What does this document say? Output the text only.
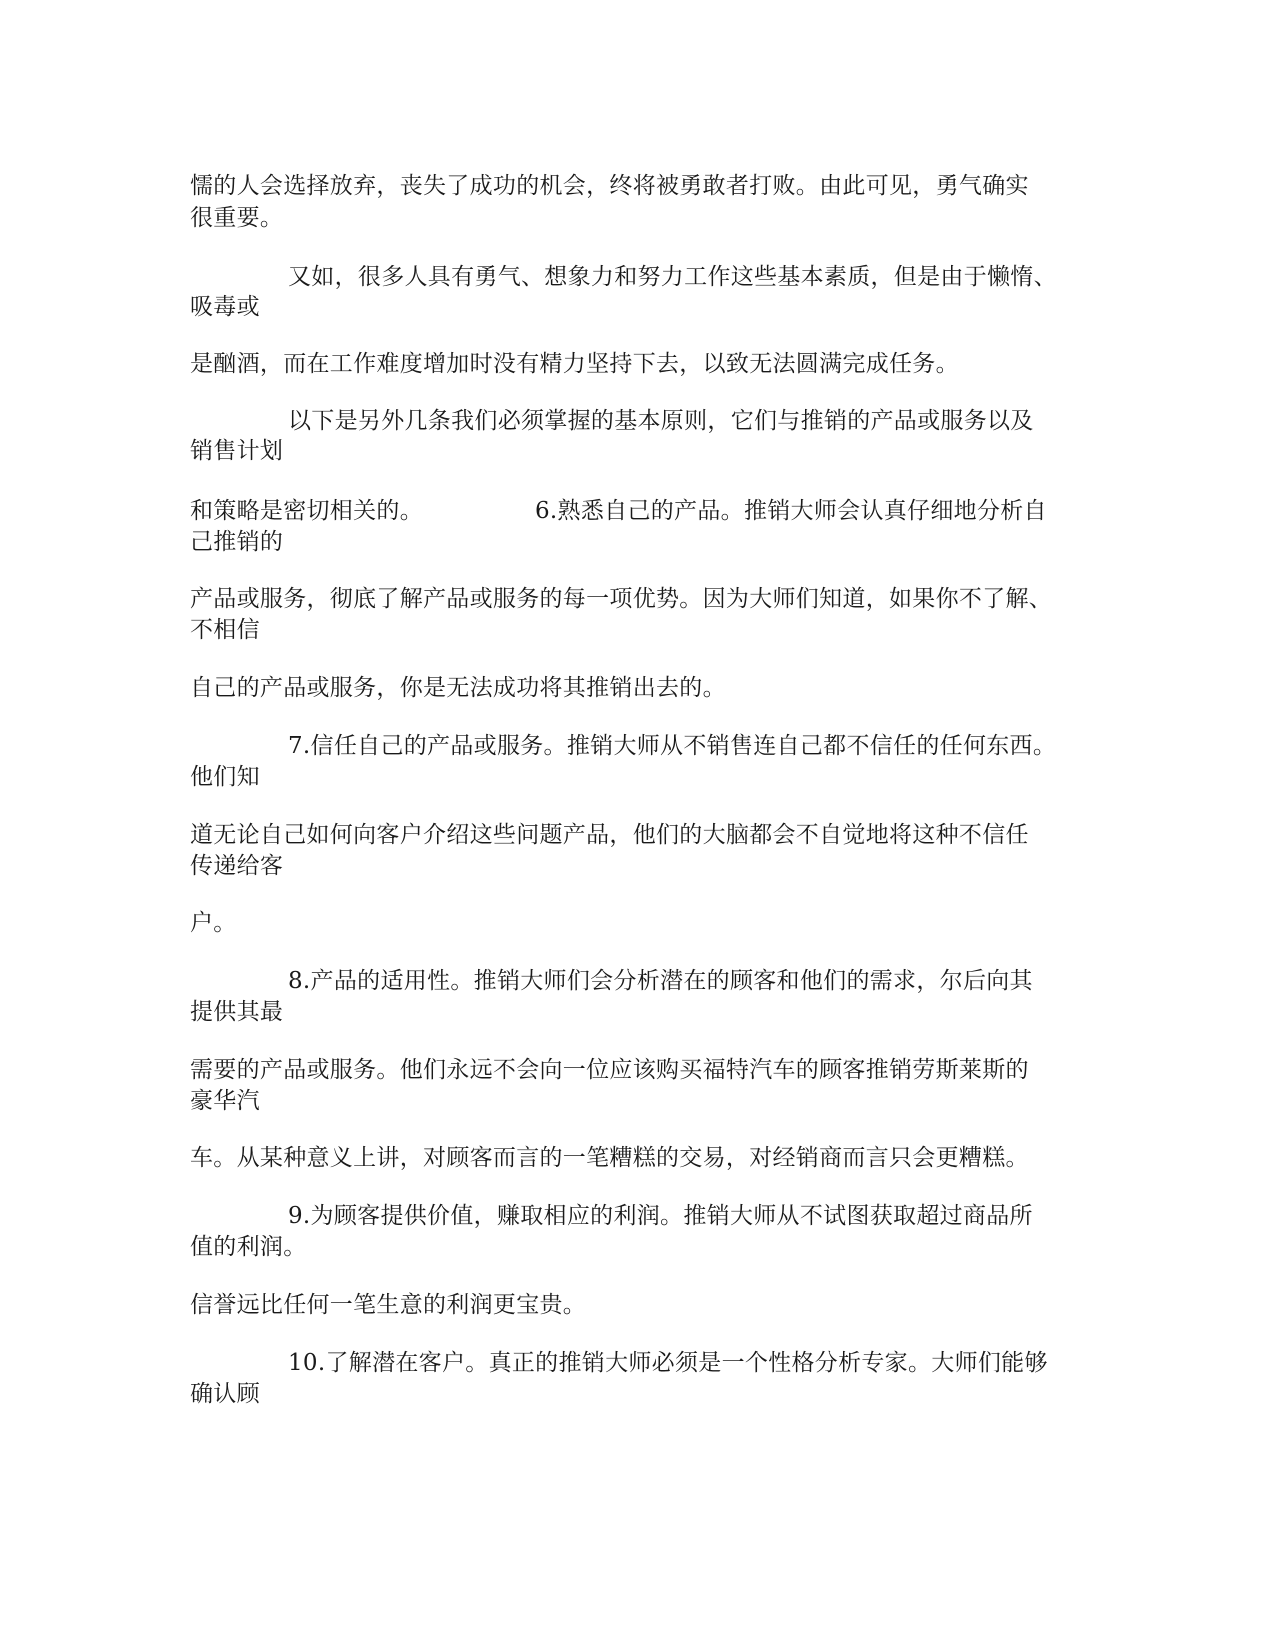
懦的人会选择放弃，丧失了成功的机会，终将被勇敢者打败。由此可见，勇气确实
很重要。
又如，很多人具有勇气、想象力和努力工作这些基本素质，但是由于懒惰、
吸毒或
是酗酒，而在工作难度增加时没有精力坚持下去，以致无法圆满完成任务。
以下是另外几条我们必须掌握的基本原则，它们与推销的产品或服务以及
销售计划
和策略是密切相关的。	6.熟悉自己的产品。推销大师会认真仔细地分析自
己推销的
产品或服务，彻底了解产品或服务的每一项优势。因为大师们知道，如果你不了解、
不相信
自己的产品或服务，你是无法成功将其推销出去的。
7.信任自己的产品或服务。推销大师从不销售连自己都不信任的任何东西。
他们知
道无论自己如何向客户介绍这些问题产品，他们的大脑都会不自觉地将这种不信任
传递给客
户。
8.产品的适用性。推销大师们会分析潜在的顾客和他们的需求，尔后向其
提供其最
需要的产品或服务。他们永远不会向一位应该购买福特汽车的顾客推销劳斯莱斯的
豪华汽
车。从某种意义上讲，对顾客而言的一笔糟糕的交易，对经销商而言只会更糟糕。
9.为顾客提供价值，赚取相应的利润。推销大师从不试图获取超过商品所
值的利润。
信誉远比任何一笔生意的利润更宝贵。
10.了解潜在客户。真正的推销大师必须是一个性格分析专家。大师们能够
确认顾
